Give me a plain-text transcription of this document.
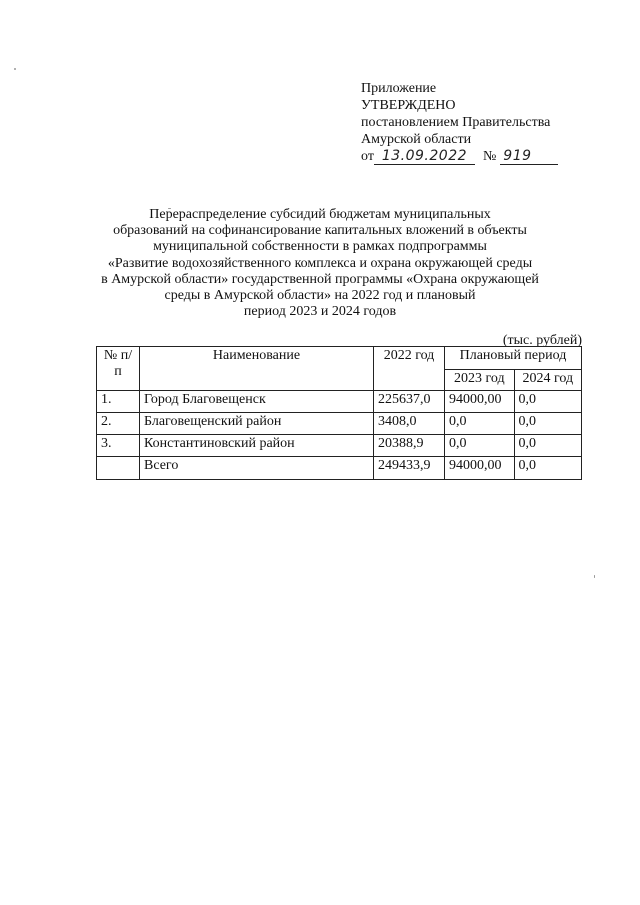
Приложение
УТВЕРЖДЕНО
постановлением Правительства
Амурской области
от 13.09.2022	№ 919
Перераспределение субсидий бюджетам муниципальных
образований на софинансирование капитальных вложений в объекты
муниципальной собственности в рамках подпрограммы
«Развитие водохозяйственного комплекса и охрана окружающей среды
в Амурской области» государственной программы «Охрана окружающей
среды в Амурской области» на 2022 год и плановый
период 2023 и 2024 годов
(тыс. рублей)
№ п/п	Наименование	2022 год	Плановый период	
			2023 год	2024 год
1.	Город Благовещенск	225637,0	94000,00	0,0
2.	Благовещенский район	3408,0	0,0	0,0
3.	Константиновский район	20388,9	0,0	0,0
	Всего	249433,9	94000,00	0,0
